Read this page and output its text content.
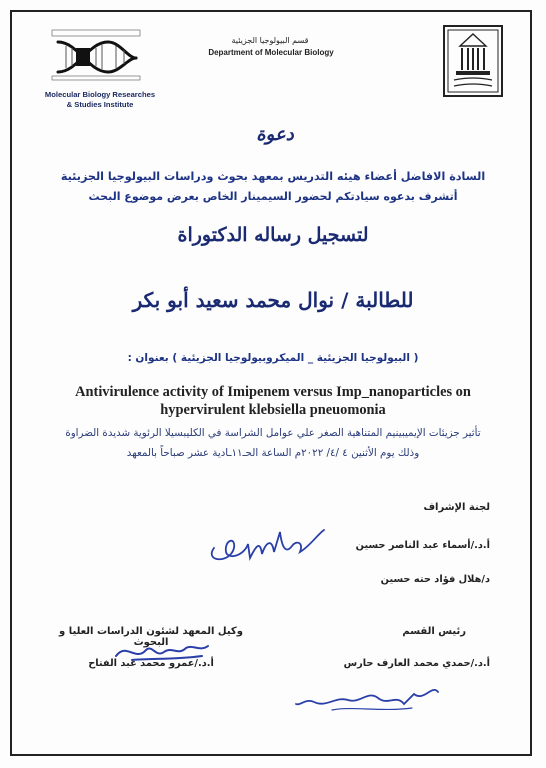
Molecular Biology Researches
& Studies Institute
قسم البيولوجيا الجزيئية
Department of Molecular Biology
دعوة
السادة الافاضل أعضاء هيئه التدريس بمعهد بحوث ودراسات البيولوجيا الجزيئية
أتشرف بدعوه سيادتكم لحضور السيمينار الخاص بعرض موضوع البحث
لتسجيل رساله الدكتوراة
للطالبة / نوال محمد سعيد أبو بكر
( البيولوجيا الجزيئية _ الميكروبيولوجيا الجزيئية ) بعنوان :
Antivirulence activity of Imipenem versus Imp_nanoparticles on
hypervirulent klebsiella pneuomonia
تأثير جزيئات الإيميبينيم المتناهية الصغر علي عوامل الشراسة في الكليبسيلا الرئوية شديدة الضراوة
وذلك يوم الأثنين ٤ /٤/ ٢٠٢٢م الساعة الحـ١١ـادية عشر صباحاً بالمعهد
لجنة الإشراف
أ.د./أسماء عبد الناصر حسين
د/هلال فؤاد حته حسين
رئيس القسم
أ.د./حمدي محمد العارف حارس
وكيل المعهد لشئون الدراسات العليا و البحوث
أ.د./عمرو محمد عبد الفتاح
